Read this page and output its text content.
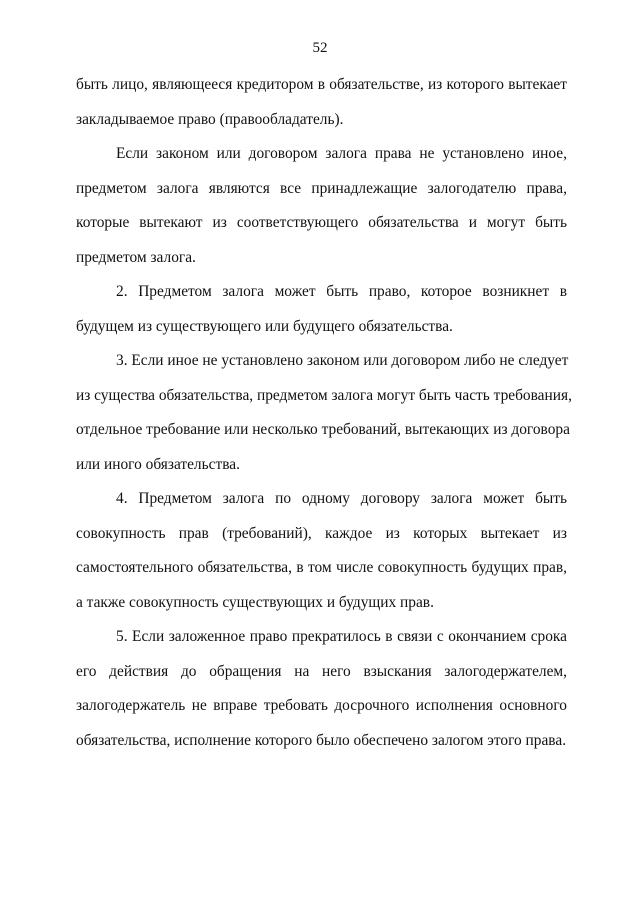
52
быть лицо, являющееся кредитором в обязательстве, из которого вытекает
закладываемое право (правообладатель).
Если законом или договором залога права не установлено иное,
предметом залога являются все принадлежащие залогодателю права,
которые вытекают из соответствующего обязательства и могут быть
предметом залога.
2. Предметом залога может быть право, которое возникнет в
будущем из существующего или будущего обязательства.
3. Если иное не установлено законом или договором либо не следует
из существа обязательства, предметом залога могут быть часть требования,
отдельное требование или несколько требований, вытекающих из договора
или иного обязательства.
4. Предметом залога по одному договору залога может быть
совокупность прав (требований), каждое из которых вытекает из
самостоятельного обязательства, в том числе совокупность будущих прав,
а также совокупность существующих и будущих прав.
5. Если заложенное право прекратилось в связи с окончанием срока
его действия до обращения на него взыскания залогодержателем,
залогодержатель не вправе требовать досрочного исполнения основного
обязательства, исполнение которого было обеспечено залогом этого права.
